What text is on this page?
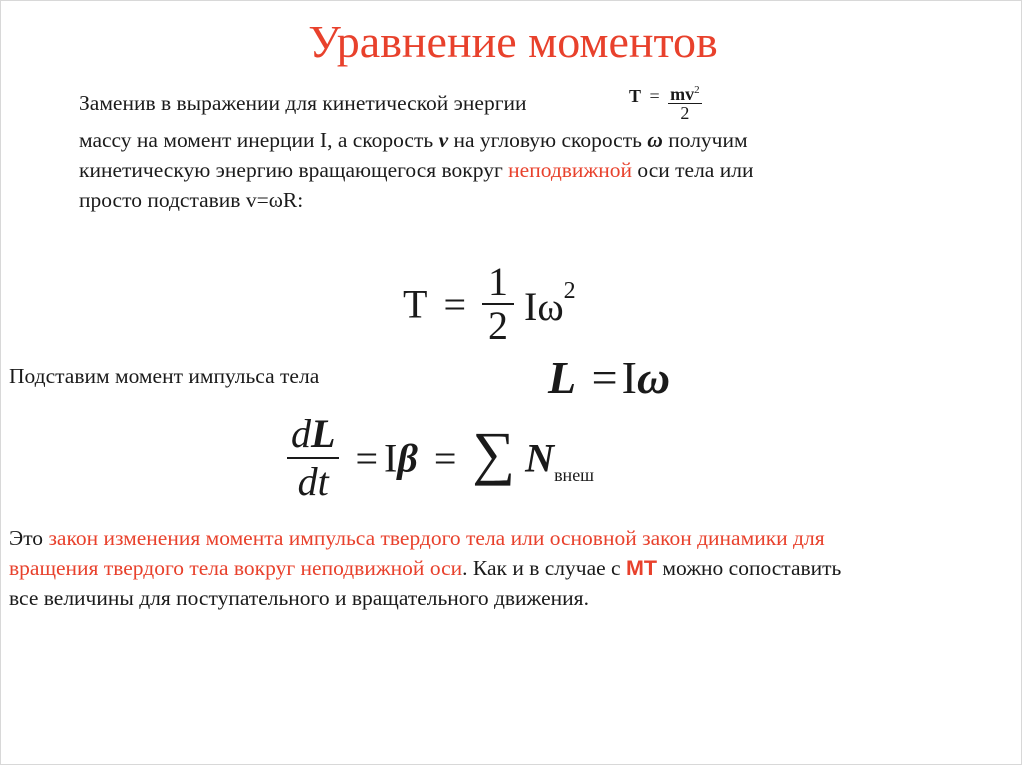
Уравнение моментов
Заменив в выражении для кинетической энергии	$T = \frac{mv^2}{2}$
массу на момент инерции I, а скорость v на угловую скорость ω получим
кинетическую энергию вращающегося вокруг неподвижной оси тела или
просто подставив v=ωR:
$T = \frac{1}{2} I\omega^2$
Подставим момент импульса тела	L =Iω
$\frac{dL}{dt} = I\beta$ = ∑ $N_{внеш}$
Это закон изменения момента импульса твердого тела или основной закон динамики для
вращения твердого тела вокруг неподвижной оси. Как и в случае с МТ можно сопоставить
все величины для поступательного и вращательного движения.
